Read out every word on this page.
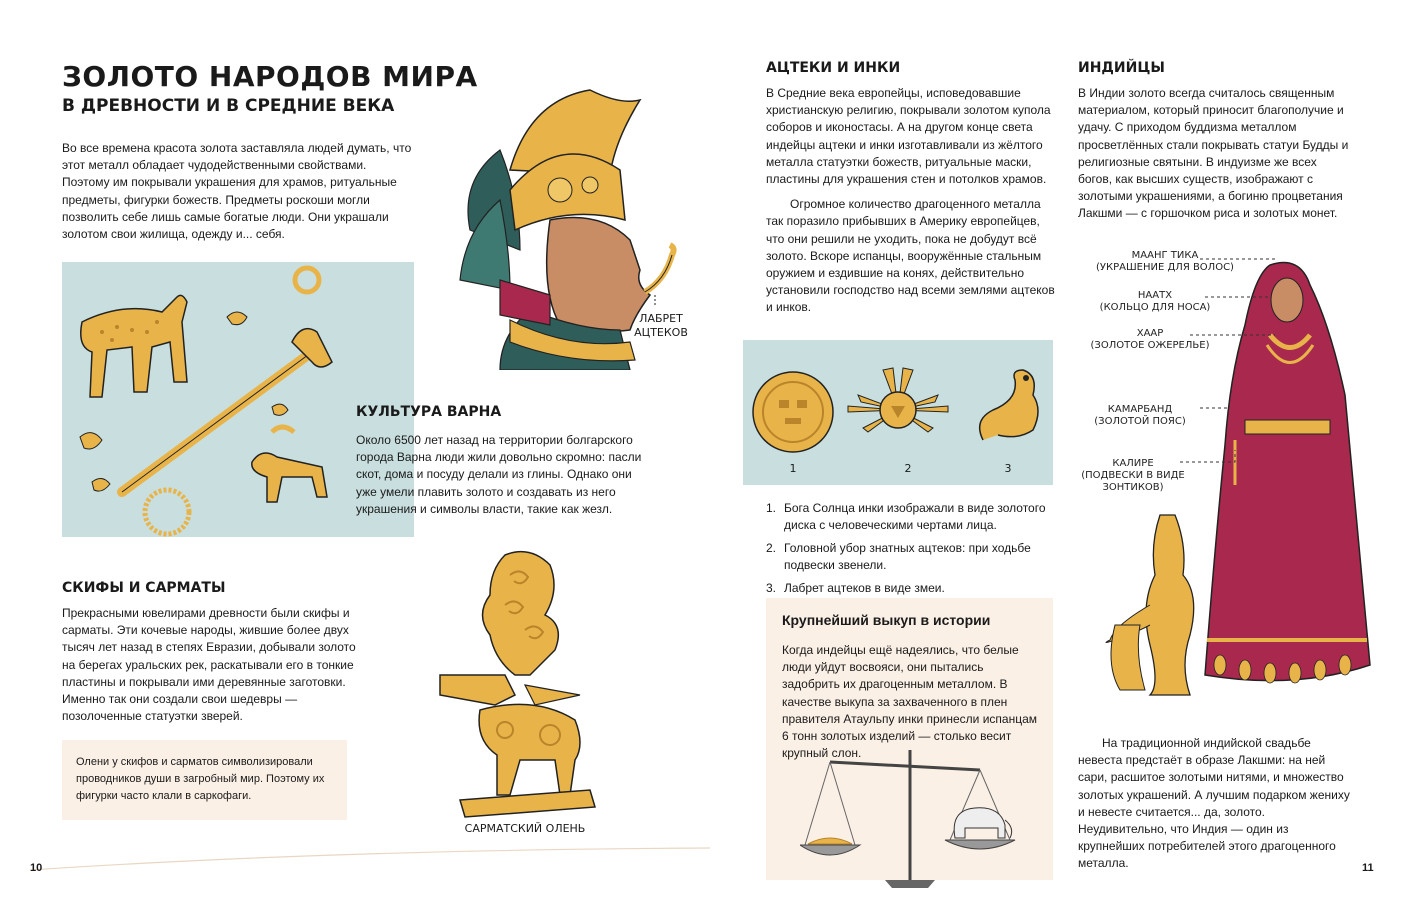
ЗОЛОТО НАРОДОВ МИРА
В ДРЕВНОСТИ И В СРЕДНИЕ ВЕКА
Во все времена красота золота заставляла людей думать, что этот металл обладает чудодейственными свойствами. Поэтому им покрывали украшения для храмов, ритуальные предметы, фигурки божеств. Предметы роскоши могли позволить себе лишь самые богатые люди. Они украшали золотом свои жилища, одежду и... себя.
ЛАБРЕТ
АЦТЕКОВ
КУЛЬТУРА ВАРНА
Около 6500 лет назад на территории болгарского города Варна люди жили довольно скромно: пасли скот, дома и посуду делали из глины. Однако они уже умели плавить золото и создавать из него украшения и символы власти, такие как жезл.
СКИФЫ И САРМАТЫ
Прекрасными ювелирами древности были скифы и сарматы. Эти кочевые народы, жившие более двух тысяч лет назад в степях Евразии, добывали золото на берегах уральских рек, раскатывали его в тонкие пластины и покрывали ими деревянные заготовки. Именно так они создали свои шедевры — позолоченные статуэтки зверей.
Олени у скифов и сарматов символизировали проводников души в загробный мир. Поэтому их фигурки часто клали в саркофаги.
САРМАТСКИЙ ОЛЕНЬ
10
АЦТЕКИ И ИНКИ

В Средние века европейцы, исповедовавшие христианскую религию, покрывали золотом купола соборов и иконостасы. А на другом конце света индейцы ацтеки и инки изготавливали из жёлтого металла статуэтки божеств, ритуальные маски, пластины для украшения стен и потолков храмов.

Огромное количество драгоценного металла так поразило прибывших в Америку европейцев, что они решили не уходить, пока не добудут всё золото. Вскоре испанцы, вооружённые стальным оружием и ездившие на конях, действительно установили господство над всеми землями ацтеков и инков.

1	2	3
1. Бога Солнца инки изображали в виде золотого диска с человеческими чертами лица.
2. Головной убор знатных ацтеков: при ходьбе подвески звенели.
3. Лабрет ацтеков в виде змеи.
Крупнейший выкуп в истории
Когда индейцы ещё надеялись, что белые люди уйдут восвояси, они пытались задобрить их драгоценным металлом. В качестве выкупа за захваченного в плен правителя Атаульпу инки принесли испанцам 6 тонн золотых изделий — столько весит крупный слон.
ИНДИЙЦЫ
В Индии золото всегда считалось священным материалом, который приносит благополучие и удачу. С приходом буддизма металлом просветлённых стали покрывать статуи Будды и религиозные святыни. В индуизме же всех богов, как высших существ, изображают с золотыми украшениями, а богиню процветания Лакшми — с горшочком риса и золотых монет.
МААНГ ТИКА
(УКРАШЕНИЕ ДЛЯ ВОЛОС)
НААТХ
(КОЛЬЦО ДЛЯ НОСА)
ХААР
(ЗОЛОТОЕ ОЖЕРЕЛЬЕ)
КАМАРБАНД
(ЗОЛОТОЙ ПОЯС)
КАЛИРЕ
(ПОДВЕСКИ В ВИДЕ ЗОНТИКОВ)

На традиционной индийской свадьбе невеста предстаёт в образе Лакшми: на ней сари, расшитое золотыми нитями, и множество золотых украшений. А лучшим подарком жениху и невесте считается... да, золото. Неудивительно, что Индия — один из крупнейших потребителей этого драгоценного металла.	11
